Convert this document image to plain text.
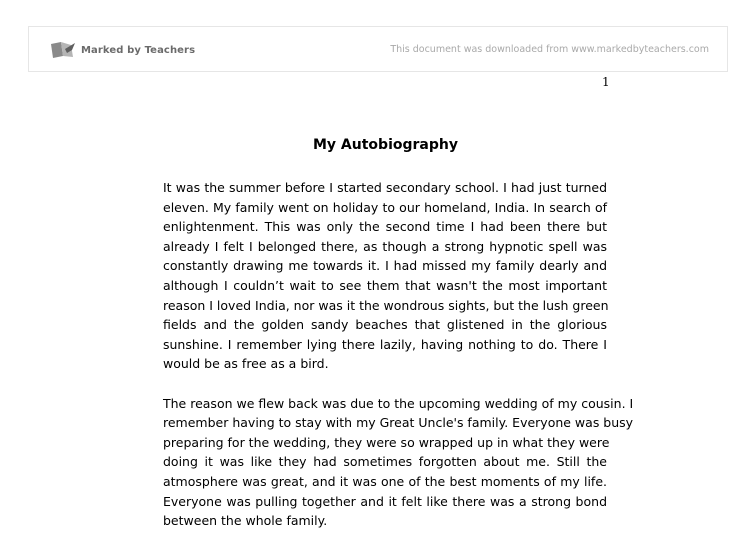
Marked by Teachers	This document was downloaded from www.markedbyteachers.com
1
My Autobiography

It was the summer before I started secondary school. I had just turned
eleven. My family went on holiday to our homeland, India. In search of
enlightenment. This was only the second time I had been there but
already I felt I belonged there, as though a strong hypnotic spell was
constantly drawing me towards it. I had missed my family dearly and
although I couldn’t wait to see them that wasn't the most important
reason I loved India, nor was it the wondrous sights, but the lush green
fields and the golden sandy beaches that glistened in the glorious
sunshine. I remember lying there lazily, having nothing to do. There I
would be as free as a bird.

The reason we flew back was due to the upcoming wedding of my cousin. I
remember having to stay with my Great Uncle's family. Everyone was busy
preparing for the wedding, they were so wrapped up in what they were
doing it was like they had sometimes forgotten about me. Still the
atmosphere was great, and it was one of the best moments of my life.
Everyone was pulling together and it felt like there was a strong bond
between the whole family.
